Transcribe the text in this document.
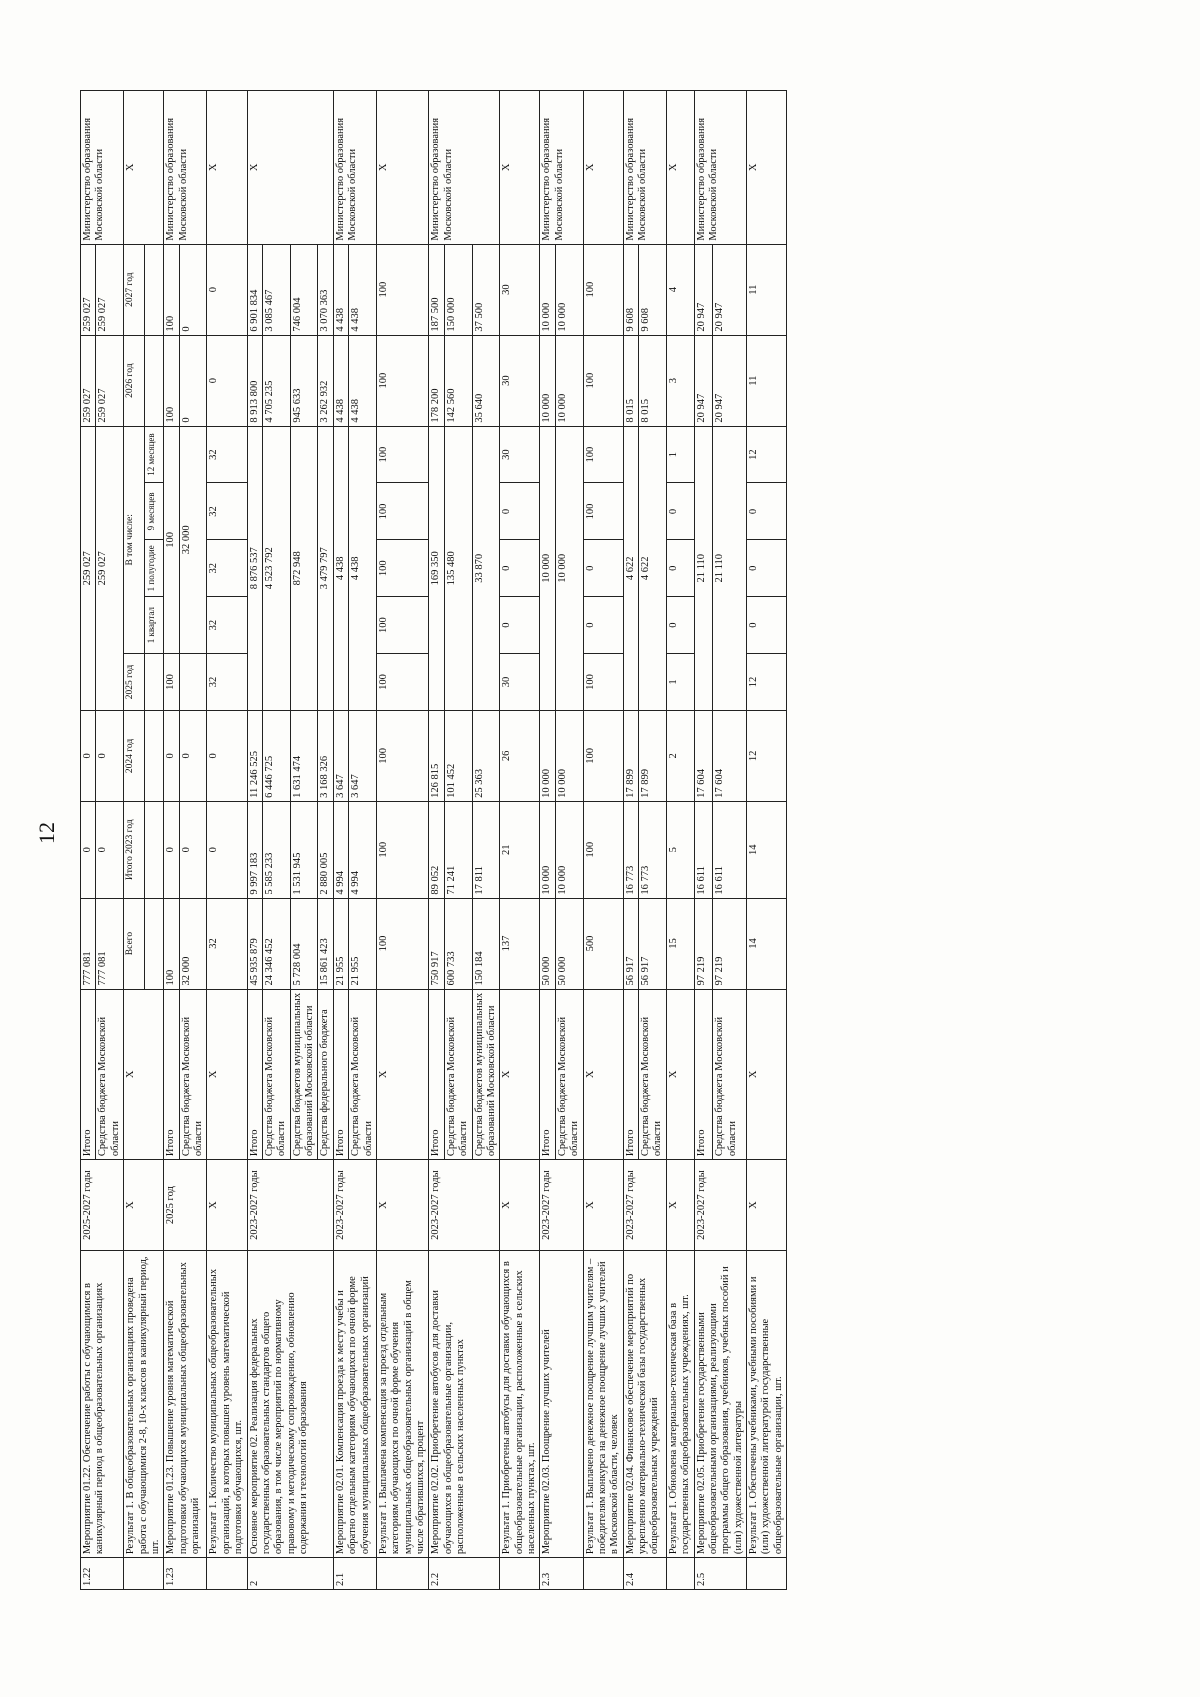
12
1.22	Мероприятие 01.22. Обеспечение работы с обучающимися в каникулярный период в общеобразовательных организациях	2025-2027 годы	Итого	777 081	0	0	259 027					259 027	259 027	Министерство образования Московской области
			Средства бюджета Московской области	777 081	0	0	259 027					259 027	259 027	
	Результат 1. В общеобразовательных организациях проведена работа с обучающимися 2-8, 10-х классов в каникулярный период, шт.	X	X	Всего	Итого 2023 год	2024 год	2025 год	В том числе:				2026 год	2027 год	X
								1 квартал	1 полугодие	9 месяцев	12 месяцев			
1.23	Мероприятие 01.23. Повышение уровня математической подготовки обучающихся муниципальных общеобразовательных организаций	2025 год	Итого	100	0	0	100	100				100	100	Министерство образования Московской области
			Средства бюджета Московской области	32 000	0	0		32 000				0	0	
	Результат 1. Количество муниципальных общеобразовательных организаций, в которых повышен уровень математической подготовки обучающихся, шт.	X	X	32	0	0	32	32	32	32	32	0	0	X
2	Основное мероприятие 02. Реализация федеральных государственных образовательных стандартов общего образования, в том числе мероприятий по нормативному правовому и методическому сопровождению, обновлению содержания и технологий образования	2023-2027 годы	Итого	45 935 879	9 997 183	11 246 525	8 876 537					8 913 800	6 901 834	X
			Средства бюджета Московской области	24 346 452	5 585 233	6 446 725	4 523 792					4 705 235	3 085 467	
			Средства бюджетов муниципальных образований Московской области	5 728 004	1 531 945	1 631 474	872 948					945 633	746 004	
			Средства федерального бюджета	15 861 423	2 880 005	3 168 326	3 479 797					3 262 932	3 070 363	
2.1	Мероприятие 02.01. Компенсация проезда к месту учебы и обратно отдельным категориям обучающихся по очной форме обучения муниципальных общеобразовательных организаций	2023-2027 годы	Итого	21 955	4 994	3 647	4 438					4 438	4 438	Министерство образования Московской области
			Средства бюджета Московской области	21 955	4 994	3 647	4 438					4 438	4 438	
	Результат 1. Выплачена компенсация за проезд отдельным категориям обучающихся по очной форме обучения муниципальных общеобразовательных организаций в общем числе обратившихся, процент	X	X	100	100	100	100	100	100	100	100	100	100	X
2.2	Мероприятие 02.02. Приобретение автобусов для доставки обучающихся в общеобразовательные организации, расположенные в сельских населенных пунктах	2023-2027 годы	Итого	750 917	89 052	126 815	169 350					178 200	187 500	Министерство образования Московской области
			Средства бюджета Московской области	600 733	71 241	101 452	135 480					142 560	150 000	
			Средства бюджетов муниципальных образований Московской области	150 184	17 811	25 363	33 870					35 640	37 500	
	Результат 1. Приобретены автобусы для доставки обучающихся в общеобразовательные организации, расположенные в сельских населенных пунктах, шт.	X	X	137	21	26	30	0	0	0	30	30	30	X
2.3	Мероприятие 02.03. Поощрение лучших учителей	2023-2027 годы	Итого	50 000	10 000	10 000	10 000					10 000	10 000	Министерство образования Московской области
			Средства бюджета Московской области	50 000	10 000	10 000	10 000					10 000	10 000	
	Результат 1. Выплачено денежное поощрение лучшим учителям – победителям конкурса на денежное поощрение лучших учителей в Московской области, человек	X	X	500	100	100	100	0	0	100	100	100	100	X
2.4	Мероприятие 02.04. Финансовое обеспечение мероприятий по укреплению материально-технической базы государственных общеобразовательных учреждений	2023-2027 годы	Итого	56 917	16 773	17 899	4 622					8 015	9 608	Министерство образования Московской области
			Средства бюджета Московской области	56 917	16 773	17 899	4 622					8 015	9 608	
	Результат 1. Обновлена материально-техническая база в государственных общеобразовательных учреждениях, шт.	X	X	15	5	2	1	0	0	0	1	3	4	X
2.5	Мероприятие 02.05. Приобретение государственными общеобразовательными организациями, реализующими программы общего образования, учебников, учебных пособий и (или) художественной литературы	2023-2027 годы	Итого	97 219	16 611	17 604	21 110					20 947	20 947	Министерство образования Московской области
			Средства бюджета Московской области	97 219	16 611	17 604	21 110					20 947	20 947	
	Результат 1. Обеспечены учебниками, учебными пособиями и (или) художественной литературой государственные общеобразовательные организации, шт.	X	X	14	14	12	12	0	0	0	12	11	11	X
